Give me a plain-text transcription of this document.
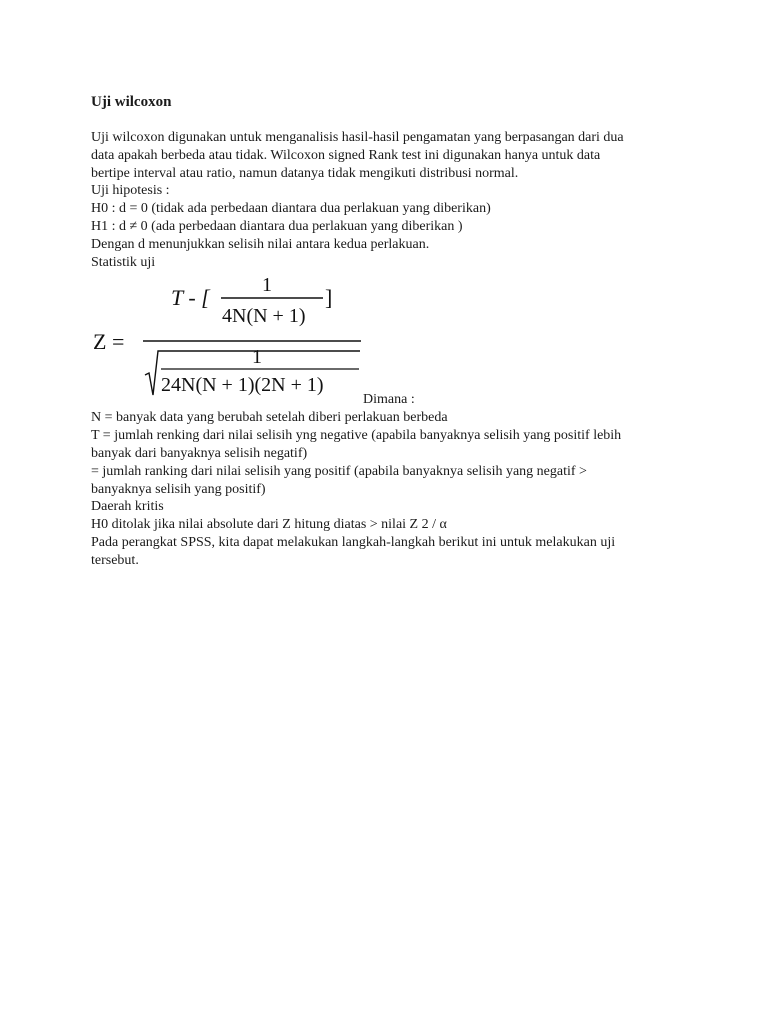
Uji wilcoxon

Uji wilcoxon digunakan untuk menganalisis hasil-hasil pengamatan yang berpasangan dari dua

data apakah berbeda atau tidak. Wilcoxon signed Rank test ini digunakan hanya untuk data

bertipe interval atau ratio, namun datanya tidak mengikuti distribusi normal.

Uji hipotesis :

H0 : d = 0 (tidak ada perbedaan diantara dua perlakuan yang diberikan)

H1 : d ≠ 0 (ada perbedaan diantara dua perlakuan yang diberikan )

Dengan d menunjukkan selisih nilai antara kedua perlakuan.

Statistik uji

Z =
T - [	1
4N(N + 1)
]
1
24N(N + 1)(2N + 1)
Dimana :

N = banyak data yang berubah setelah diberi perlakuan berbeda

T = jumlah renking dari nilai selisih yng negative (apabila banyaknya selisih yang positif lebih

banyak dari banyaknya selisih negatif)

= jumlah ranking dari nilai selisih yang positif (apabila banyaknya selisih yang negatif >

banyaknya selisih yang positif)

Daerah kritis

H0 ditolak jika nilai absolute dari Z hitung diatas > nilai Z 2 / α

Pada perangkat SPSS, kita dapat melakukan langkah-langkah berikut ini untuk melakukan uji

tersebut.
